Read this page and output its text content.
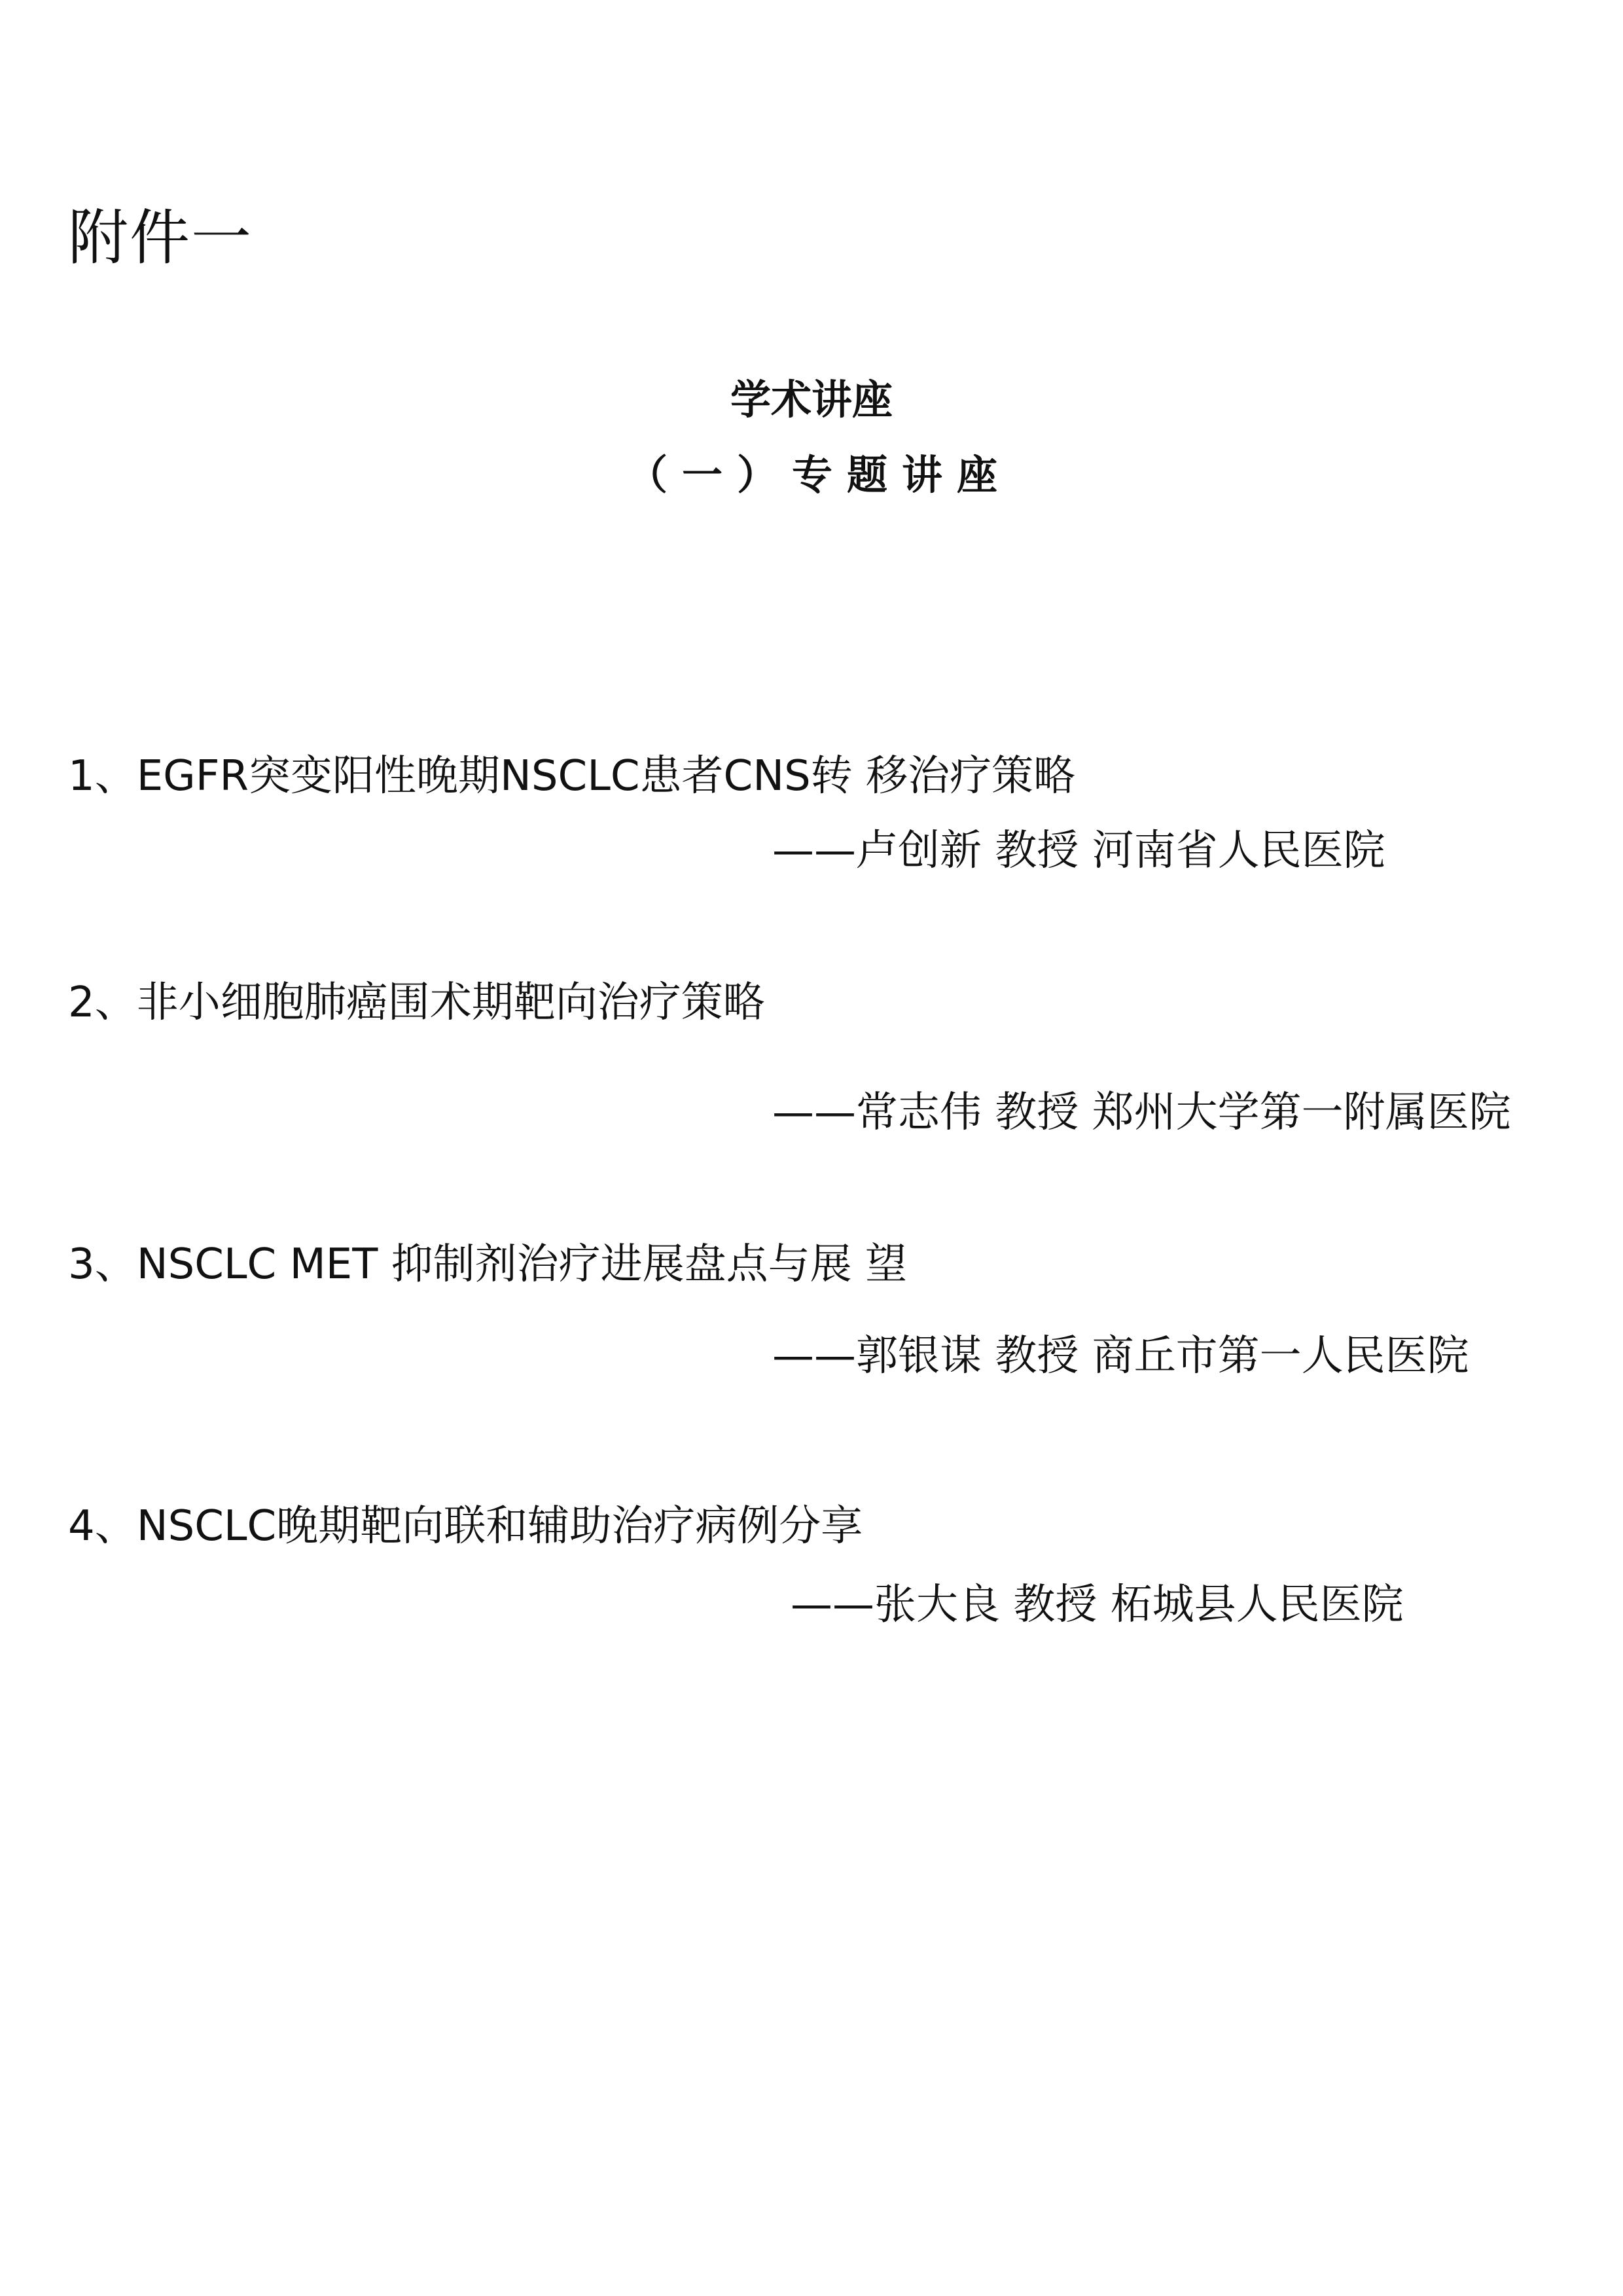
附件一
学术讲座
（一）专题讲座
1、EGFR突变阳性晚期NSCLC患者CNS转 移治疗策略
——卢创新 教授 河南省人民医院
2、非小细胞肺癌围术期靶向治疗策略
——常志伟 教授 郑州大学第一附属医院
3、NSCLC MET 抑制剂治疗进展盘点与展 望
——郭银谋 教授 商丘市第一人民医院
4、NSCLC晚期靶向联和辅助治疗病例分享
——张大良 教授 柘城县人民医院
